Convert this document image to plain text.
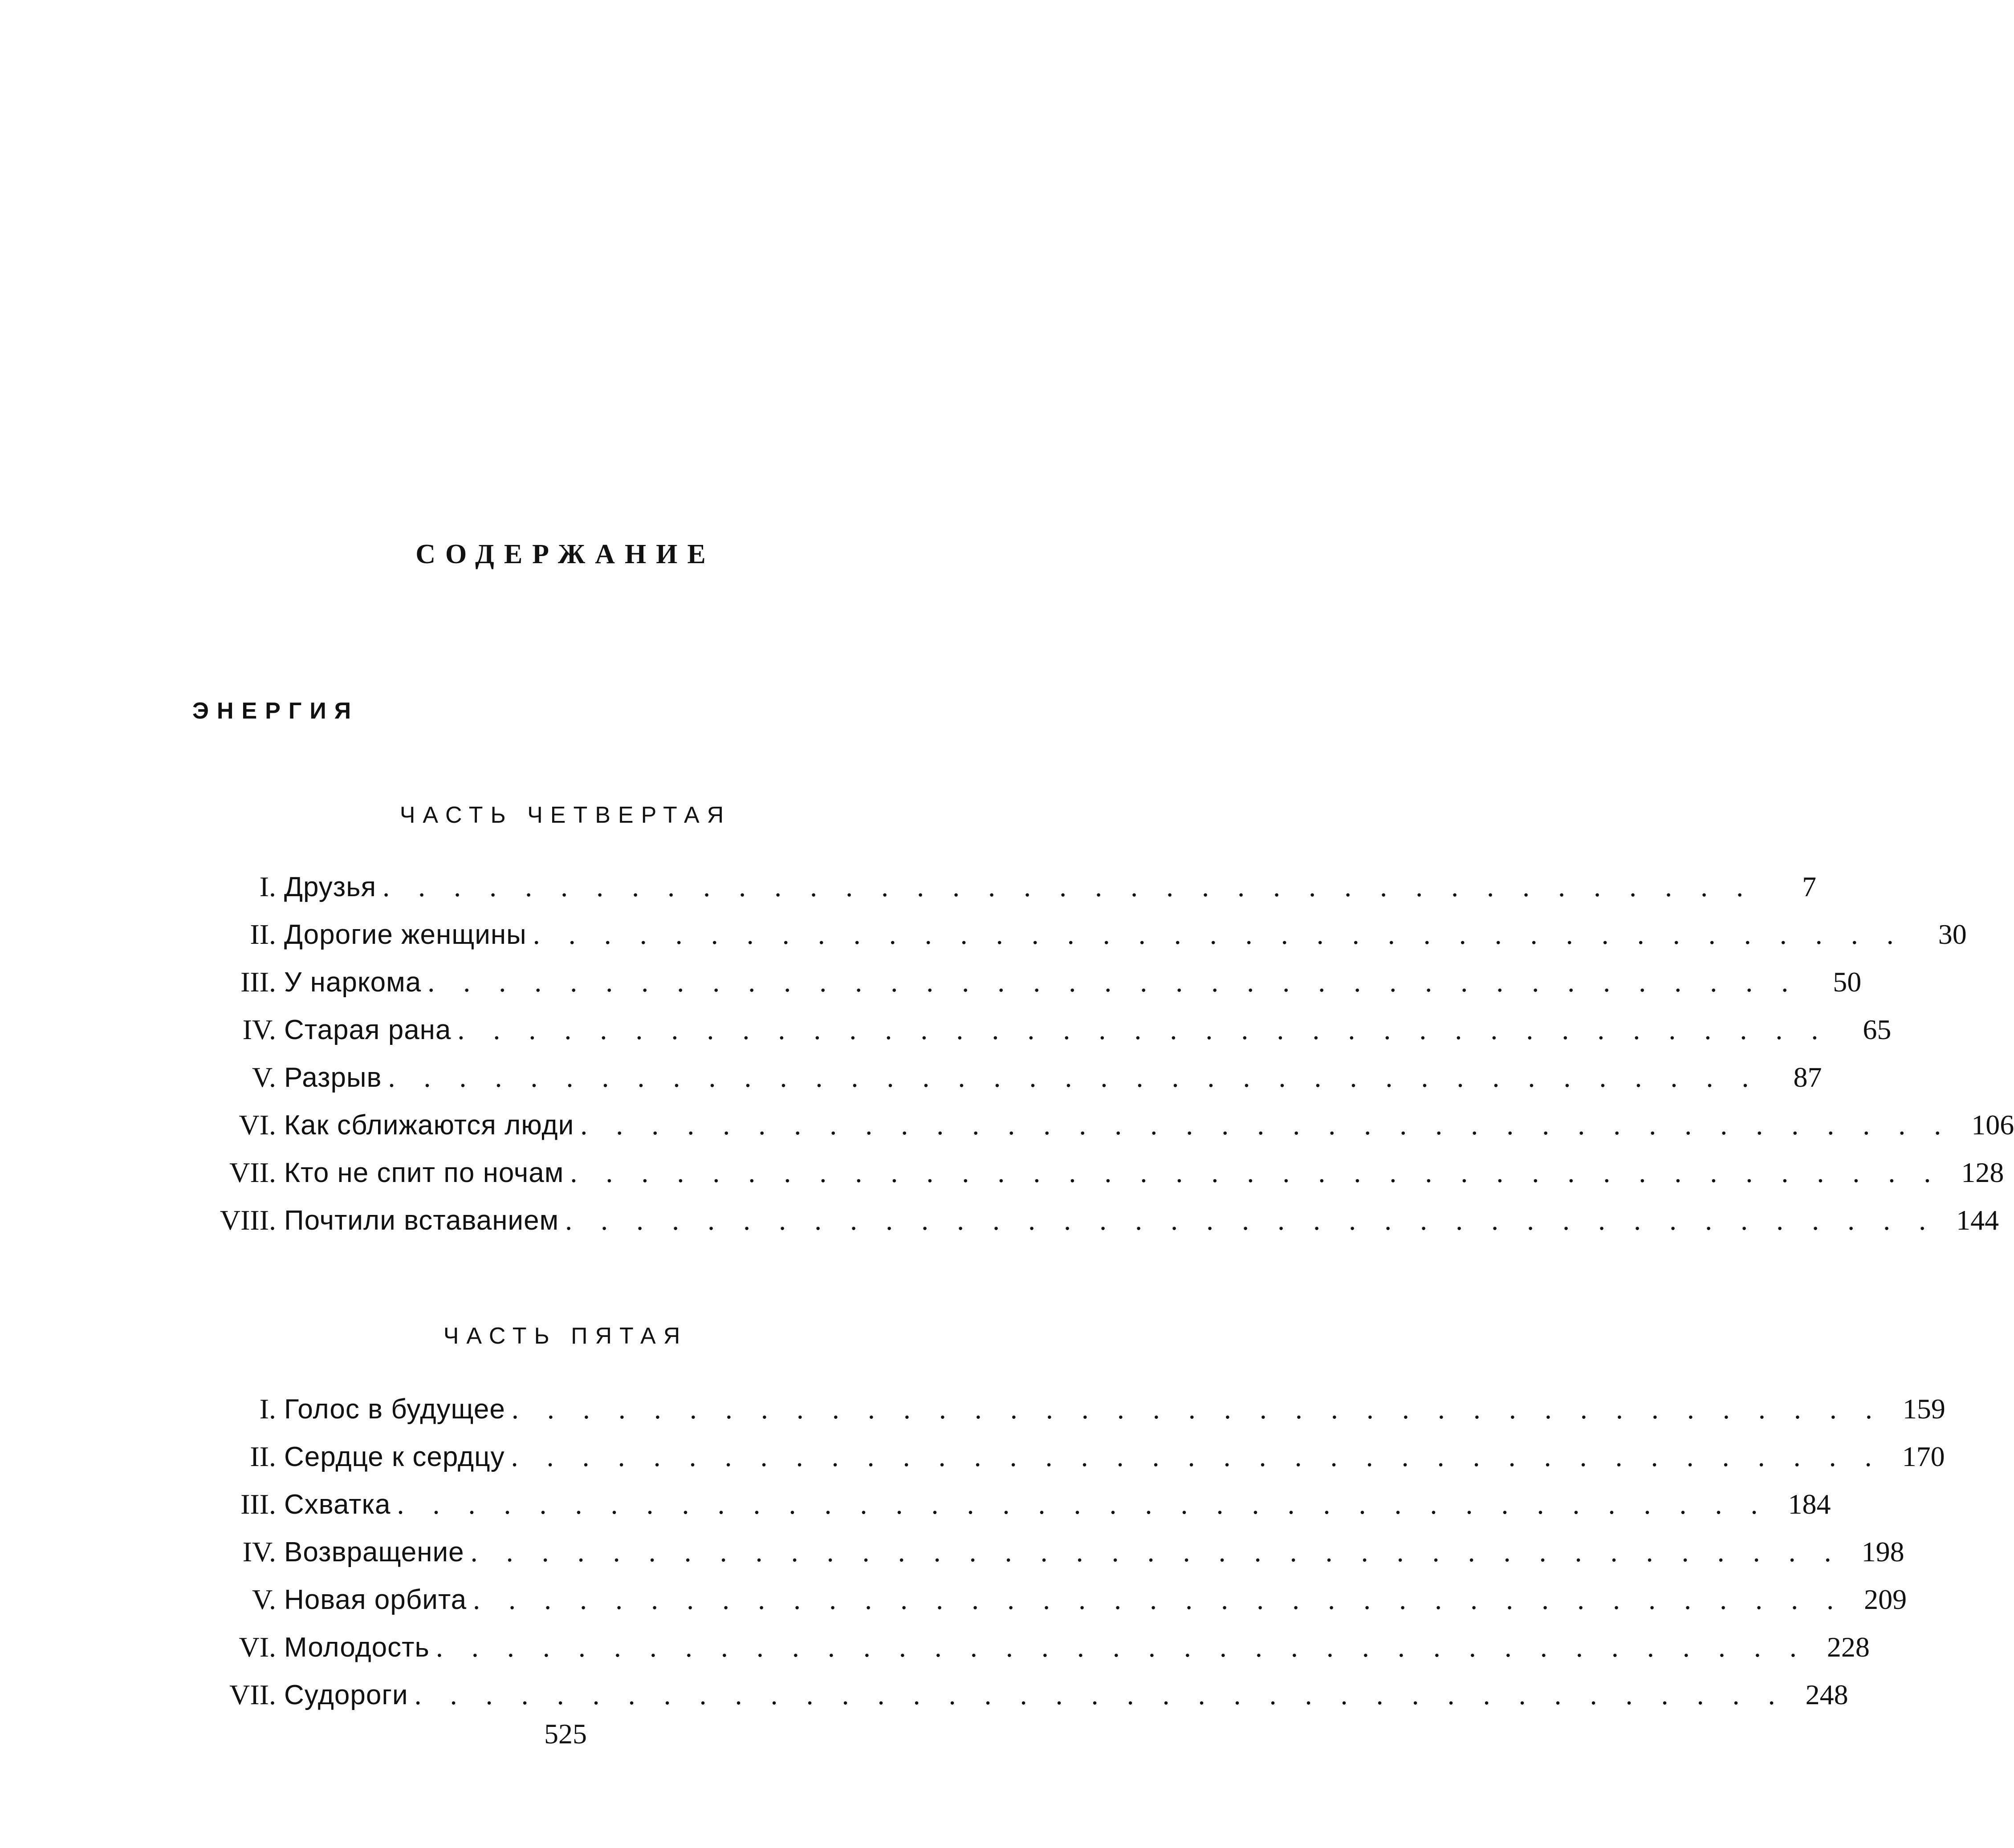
СОДЕРЖАНИЕ
ЭНЕРГИЯ
ЧАСТЬ ЧЕТВЕРТАЯ
I. Друзья . . . . . . . . . . . . . . . . . . . . . . . . . . . . . . . . . . . . . . .	7
II. Дорогие женщины . . . . . . . . . . . . . . . . . . . . . . . . . . . . . . . . . . . . . . .	30
III. У наркома . . . . . . . . . . . . . . . . . . . . . . . . . . . . . . . . . . . . . . .	50
IV. Старая рана . . . . . . . . . . . . . . . . . . . . . . . . . . . . . . . . . . . . . . .	65
V. Разрыв . . . . . . . . . . . . . . . . . . . . . . . . . . . . . . . . . . . . . . .	87
VI. Как сближаются люди . . . . . . . . . . . . . . . . . . . . . . . . . . . . . . . . . . . . . . . 106
VII. Кто не спит по ночам . . . . . . . . . . . . . . . . . . . . . . . . . . . . . . . . . . . . . . . 128
VIII. Почтили вставанием . . . . . . . . . . . . . . . . . . . . . . . . . . . . . . . . . . . . . . . 144
ЧАСТЬ ПЯТАЯ
I. Голос в будущее . . . . . . . . . . . . . . . . . . . . . . . . . . . . . . . . . . . . . . . 159
II. Сердце к сердцу . . . . . . . . . . . . . . . . . . . . . . . . . . . . . . . . . . . . . . . 170
III. Схватка . . . . . . . . . . . . . . . . . . . . . . . . . . . . . . . . . . . . . . . 184
IV. Возвращение . . . . . . . . . . . . . . . . . . . . . . . . . . . . . . . . . . . . . . . 198
V. Новая орбита . . . . . . . . . . . . . . . . . . . . . . . . . . . . . . . . . . . . . . . 209
VI. Молодость . . . . . . . . . . . . . . . . . . . . . . . . . . . . . . . . . . . . . . . 228
VII. Судороги . . . . . . . . . . . . . . . . . . . . . . . . . . . . . . . . . . . . . . . 248
525
